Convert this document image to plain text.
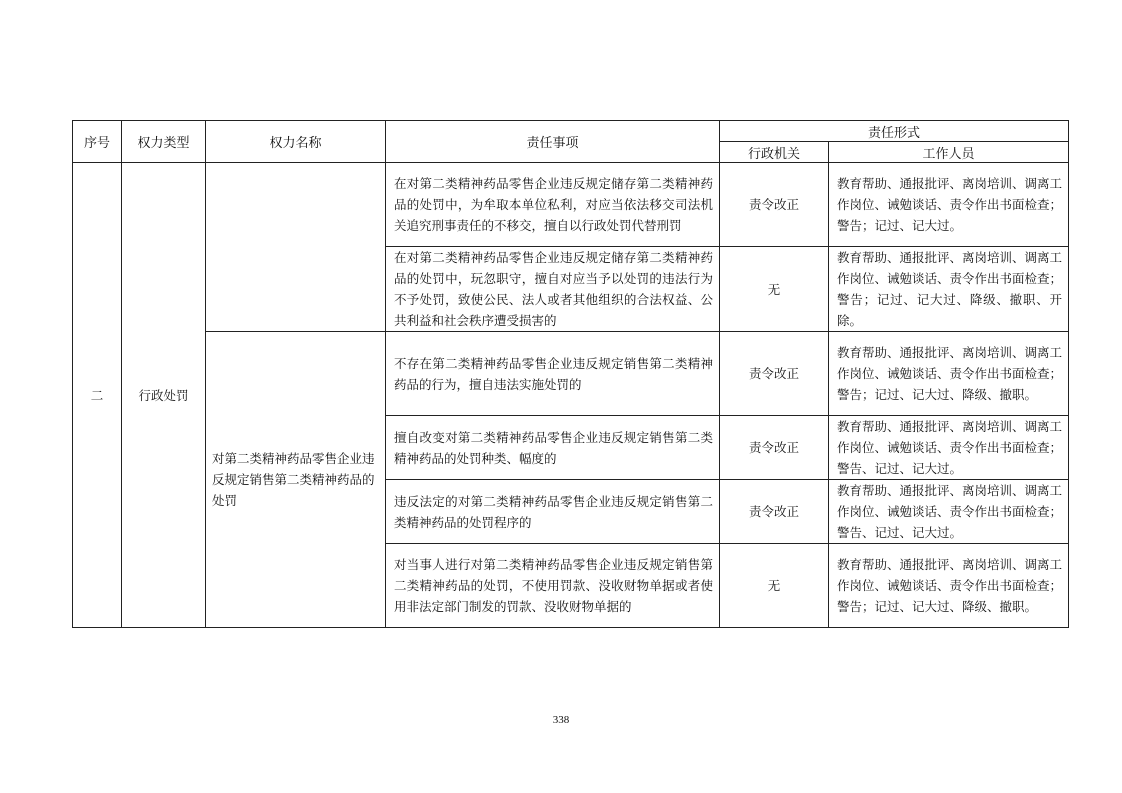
序号	权力类型	权力名称	责任事项	责任形式	
				行政机关	工作人员
二	行政处罚		在对第二类精神药品零售企业违反规定储存第二类精神药品的处罚中，为牟取本单位私利，对应当依法移交司法机关追究刑事责任的不移交，擅自以行政处罚代替刑罚	责令改正	教育帮助、通报批评、离岗培训、调离工作岗位、诫勉谈话、责令作出书面检查；警告；记过、记大过。
			在对第二类精神药品零售企业违反规定储存第二类精神药品的处罚中，玩忽职守，擅自对应当予以处罚的违法行为不予处罚，致使公民、法人或者其他组织的合法权益、公共利益和社会秩序遭受损害的	无	教育帮助、通报批评、离岗培训、调离工作岗位、诫勉谈话、责令作出书面检查；警告；记过、记大过、降级、撤职、开除。
		对第二类精神药品零售企业违反规定销售第二类精神药品的处罚	不存在第二类精神药品零售企业违反规定销售第二类精神药品的行为，擅自违法实施处罚的	责令改正	教育帮助、通报批评、离岗培训、调离工作岗位、诫勉谈话、责令作出书面检查；警告；记过、记大过、降级、撤职。
			擅自改变对第二类精神药品零售企业违反规定销售第二类精神药品的处罚种类、幅度的	责令改正	教育帮助、通报批评、离岗培训、调离工作岗位、诫勉谈话、责令作出书面检查；警告、记过、记大过。
			违反法定的对第二类精神药品零售企业违反规定销售第二类精神药品的处罚程序的	责令改正	教育帮助、通报批评、离岗培训、调离工作岗位、诫勉谈话、责令作出书面检查；警告、记过、记大过。
			对当事人进行对第二类精神药品零售企业违反规定销售第二类精神药品的处罚，不使用罚款、没收财物单据或者使用非法定部门制发的罚款、没收财物单据的	无	教育帮助、通报批评、离岗培训、调离工作岗位、诫勉谈话、责令作出书面检查；警告；记过、记大过、降级、撤职。
338
